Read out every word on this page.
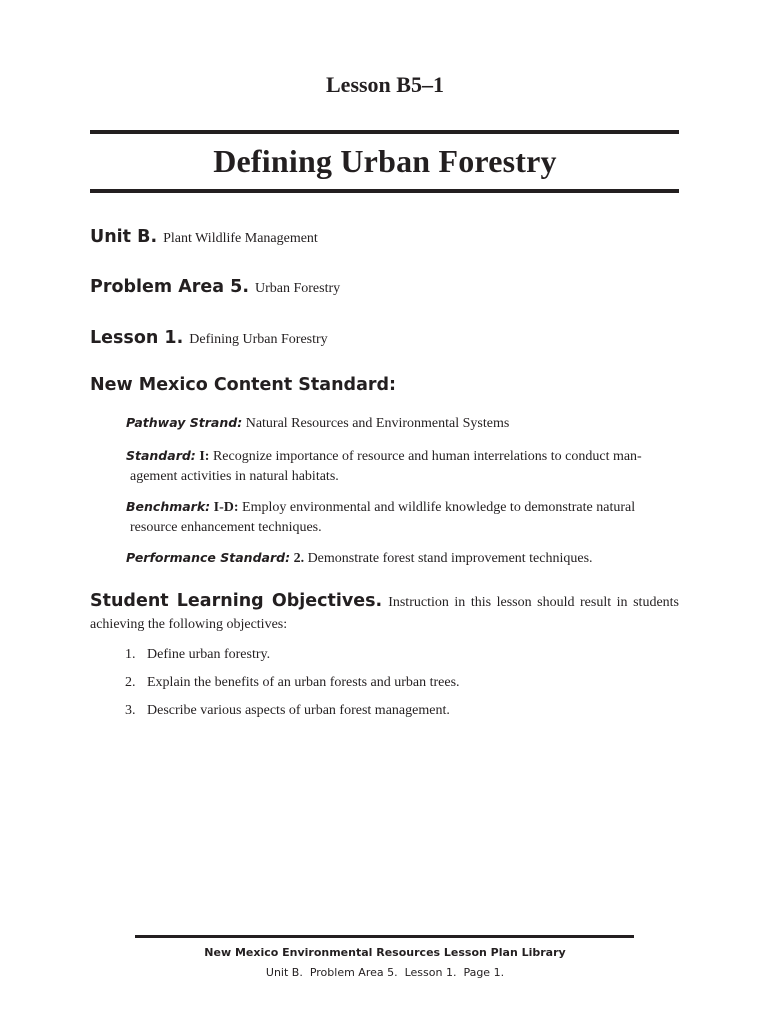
Lesson B5–1
Defining Urban Forestry
Unit B. Plant Wildlife Management
Problem Area 5. Urban Forestry
Lesson 1. Defining Urban Forestry
New Mexico Content Standard:
Pathway Strand: Natural Resources and Environmental Systems
Standard: I: Recognize importance of resource and human interrelations to conduct man-
agement activities in natural habitats.
Benchmark: I-D: Employ environmental and wildlife knowledge to demonstrate natural
resource enhancement techniques.
Performance Standard: 2. Demonstrate forest stand improvement techniques.
Student Learning Objectives. Instruction in this lesson should result in students achieving the following objectives:
1. Define urban forestry.
2. Explain the benefits of an urban forests and urban trees.
3. Describe various aspects of urban forest management.
New Mexico Environmental Resources Lesson Plan Library
Unit B.  Problem Area 5.  Lesson 1.  Page 1.
